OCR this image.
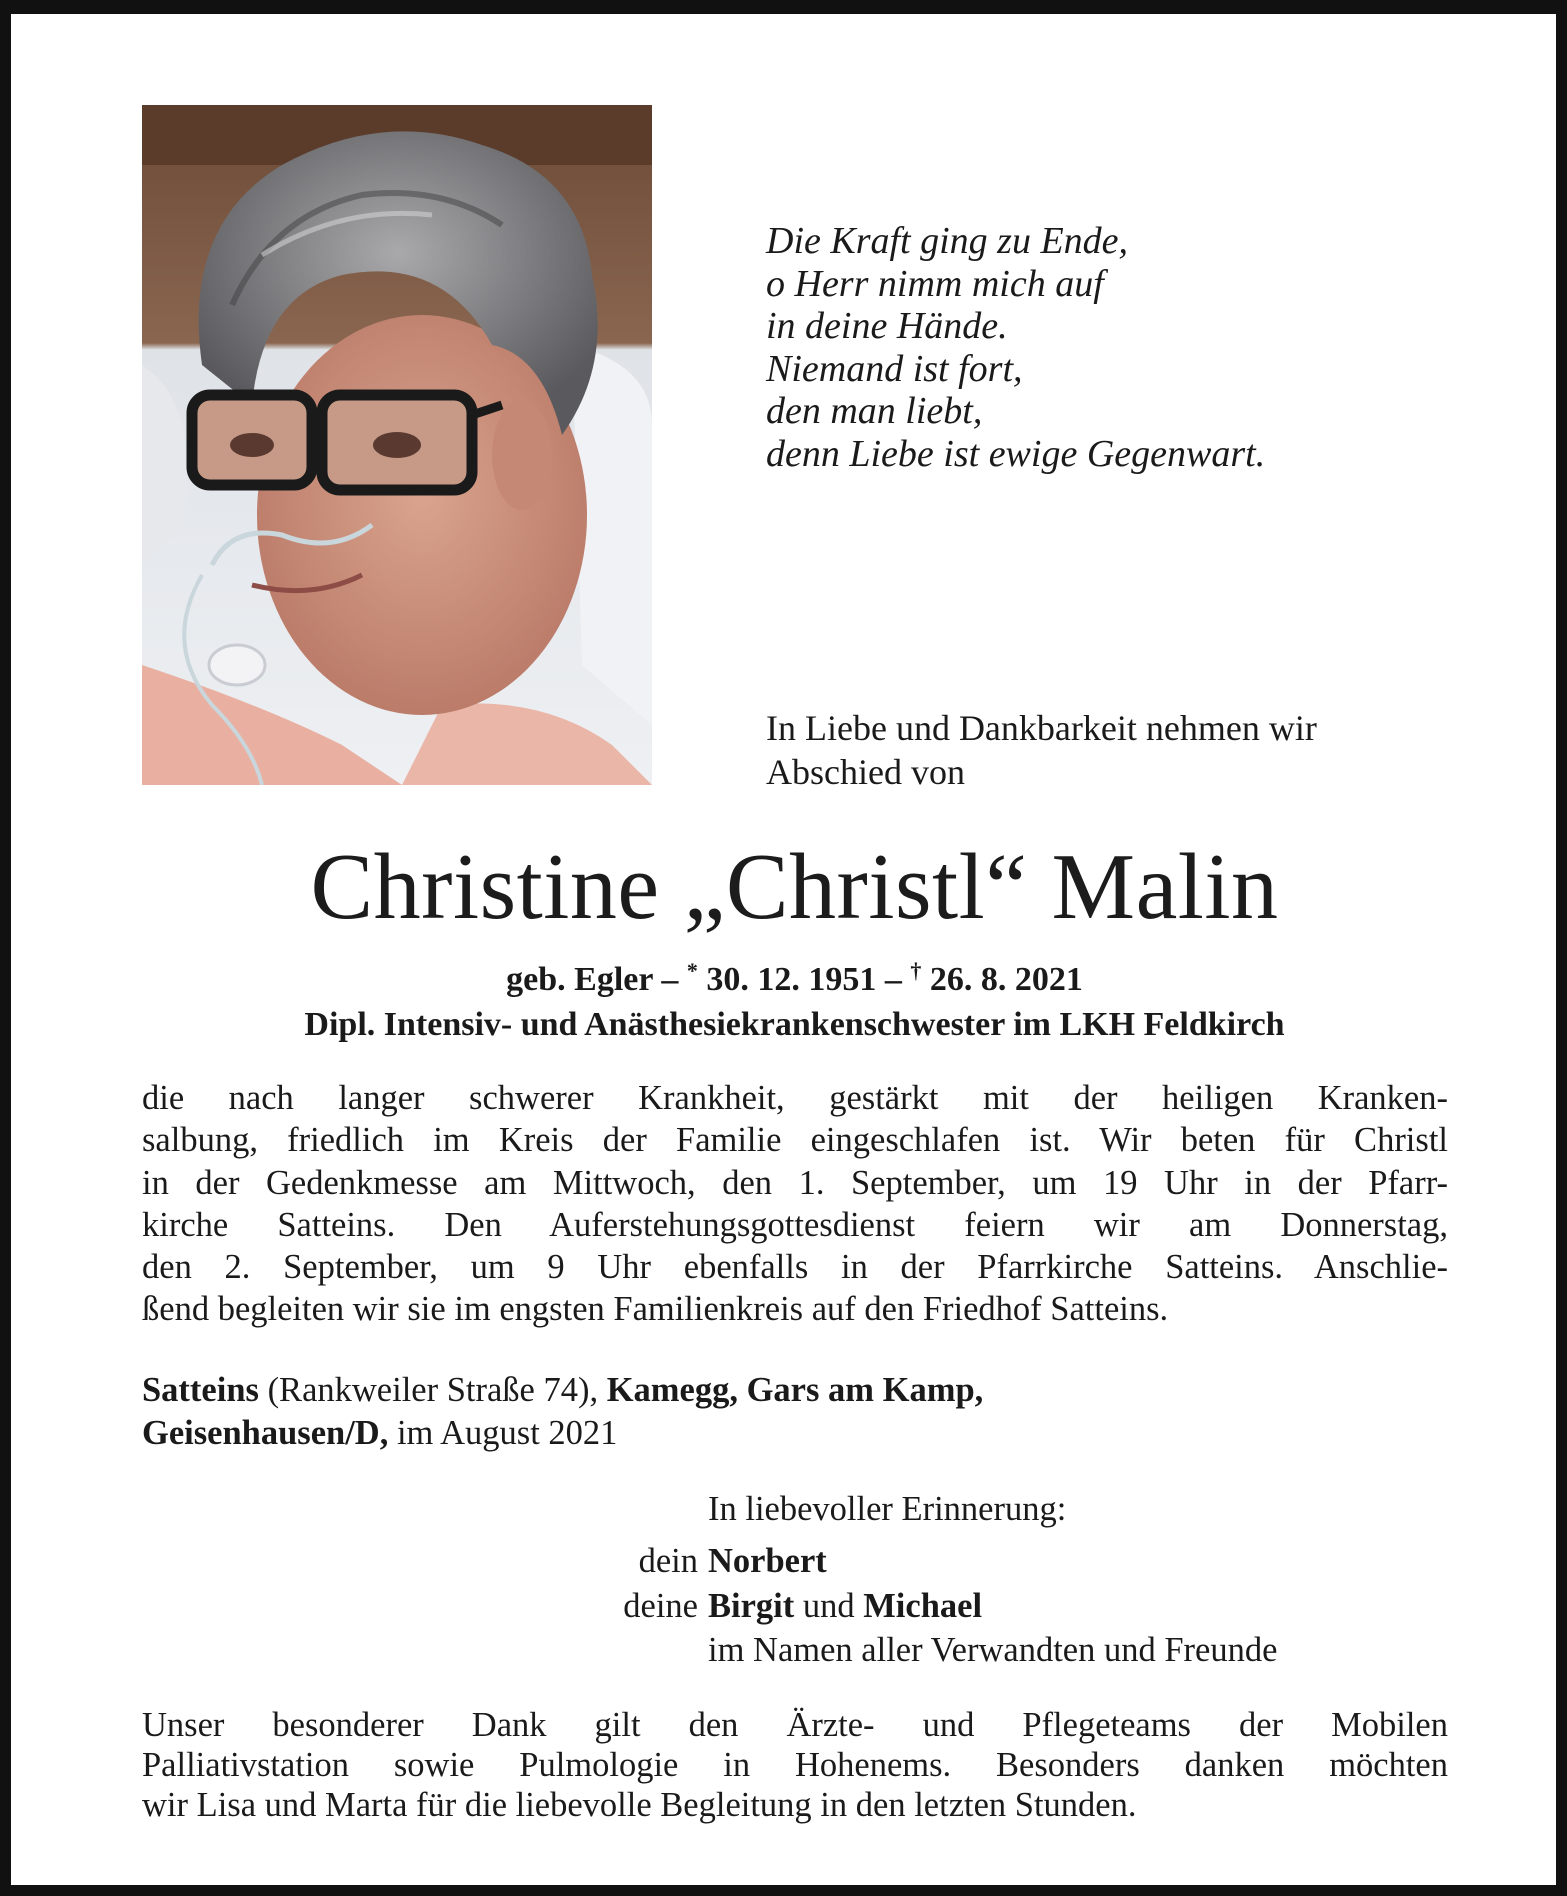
Die Kraft ging zu Ende,
o Herr nimm mich auf
in deine Hände.
Niemand ist fort,
den man liebt,
denn Liebe ist ewige Gegenwart.
In Liebe und Dankbarkeit nehmen wir
Abschied von
Christine „Christl“ Malin
geb. Egler – * 30. 12. 1951 – † 26. 8. 2021
Dipl. Intensiv- und Anästhesiekrankenschwester im LKH Feldkirch
die nach langer schwerer Krankheit, gestärkt mit der heiligen Kranken-
salbung, friedlich im Kreis der Familie eingeschlafen ist. Wir beten für Christl
in der Gedenkmesse am Mittwoch, den 1. September, um 19 Uhr in der Pfarr-
kirche Satteins. Den Auferstehungsgottesdienst feiern wir am Donnerstag,
den 2. September, um 9 Uhr ebenfalls in der Pfarrkirche Satteins. Anschlie-
ßend begleiten wir sie im engsten Familienkreis auf den Friedhof Satteins.
Satteins (Rankweiler Straße 74), Kamegg, Gars am Kamp,
Geisenhausen/D, im August 2021
In liebevoller Erinnerung:
dein Norbert
deine Birgit und Michael
im Namen aller Verwandten und Freunde
Unser besonderer Dank gilt den Ärzte- und Pflegeteams der Mobilen
Palliativstation sowie Pulmologie in Hohenems. Besonders danken möchten
wir Lisa und Marta für die liebevolle Begleitung in den letzten Stunden.
